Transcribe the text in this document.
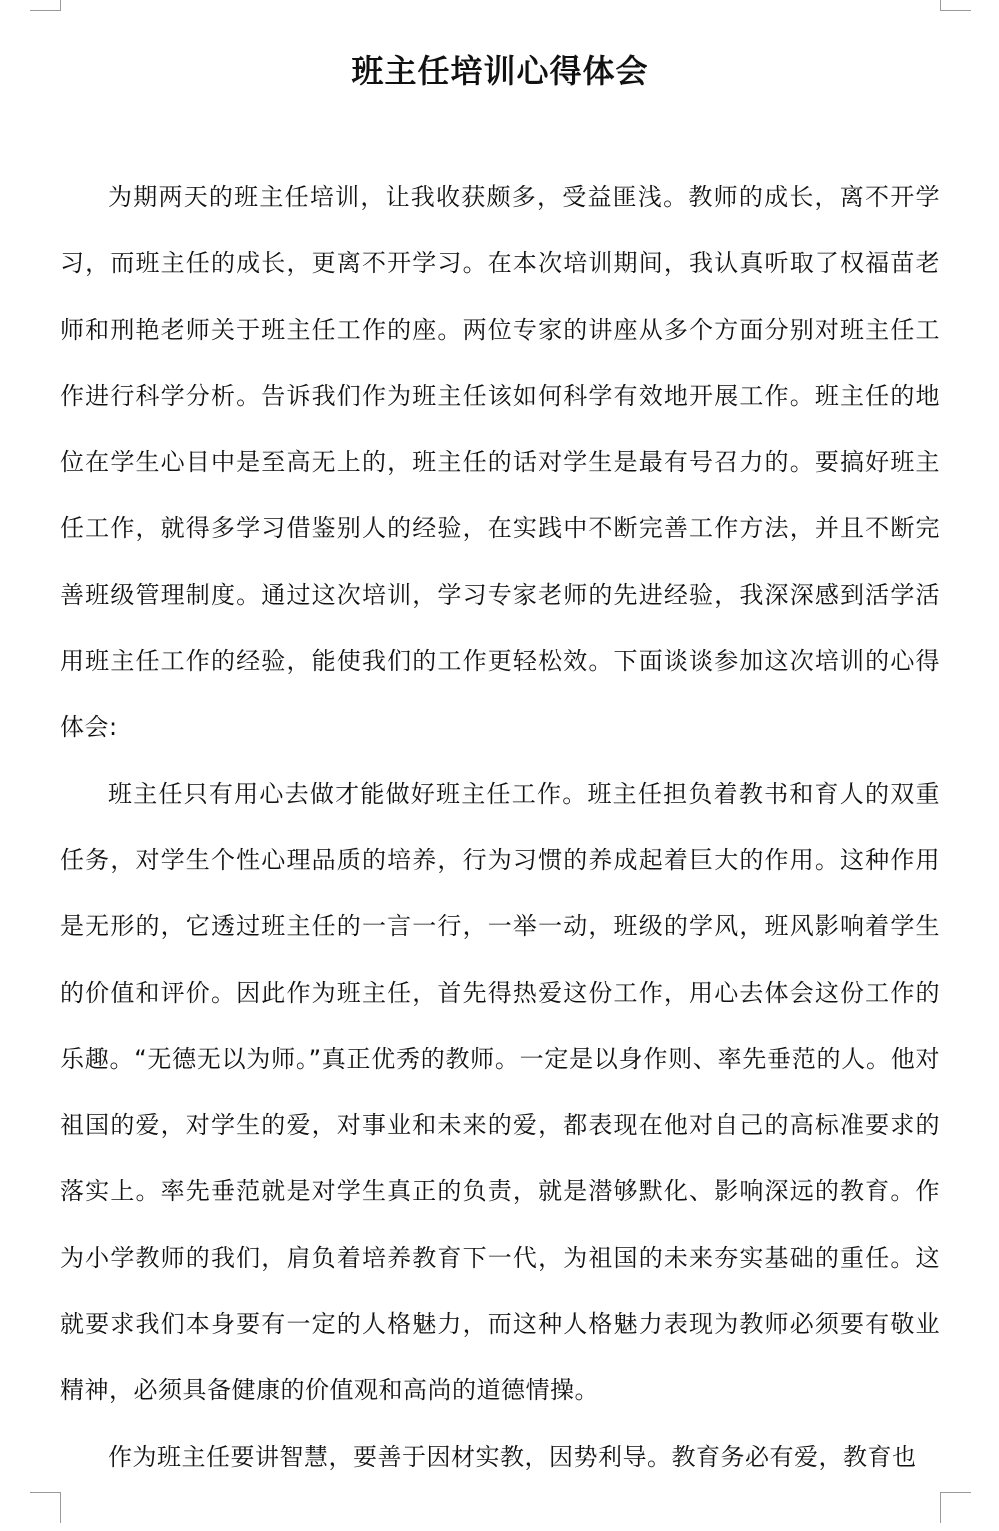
班主任培训心得体会

为期两天的班主任培训，让我收获颇多，受益匪浅。教师的成长，离不开学习，而班主任的成长，更离不开学习。在本次培训期间，我认真听取了权福苗老师和刑艳老师关于班主任工作的座。两位专家的讲座从多个方面分别对班主任工作进行科学分析。告诉我们作为班主任该如何科学有效地开展工作。班主任的地位在学生心目中是至高无上的，班主任的话对学生是最有号召力的。要搞好班主任工作，就得多学习借鉴别人的经验，在实践中不断完善工作方法，并且不断完善班级管理制度。通过这次培训，学习专家老师的先进经验，我深深感到活学活用班主任工作的经验，能使我们的工作更轻松效。下面谈谈参加这次培训的心得体会:

班主任只有用心去做才能做好班主任工作。班主任担负着教书和育人的双重任务，对学生个性心理品质的培养，行为习惯的养成起着巨大的作用。这种作用是无形的，它透过班主任的一言一行，一举一动，班级的学风，班风影响着学生的价值和评价。因此作为班主任，首先得热爱这份工作，用心去体会这份工作的乐趣。“无德无以为师。”真正优秀的教师。一定是以身作则、率先垂范的人。他对祖国的爱，对学生的爱，对事业和未来的爱，都表现在他对自己的高标准要求的落实上。率先垂范就是对学生真正的负责，就是潜够默化、影响深远的教育。作为小学教师的我们，肩负着培养教育下一代，为祖国的未来夯实基础的重任。这就要求我们本身要有一定的人格魅力，而这种人格魅力表现为教师必须要有敬业精神，必须具备健康的价值观和高尚的道德情操。

作为班主任要讲智慧，要善于因材实教，因势利导。教育务必有爱，教育也
